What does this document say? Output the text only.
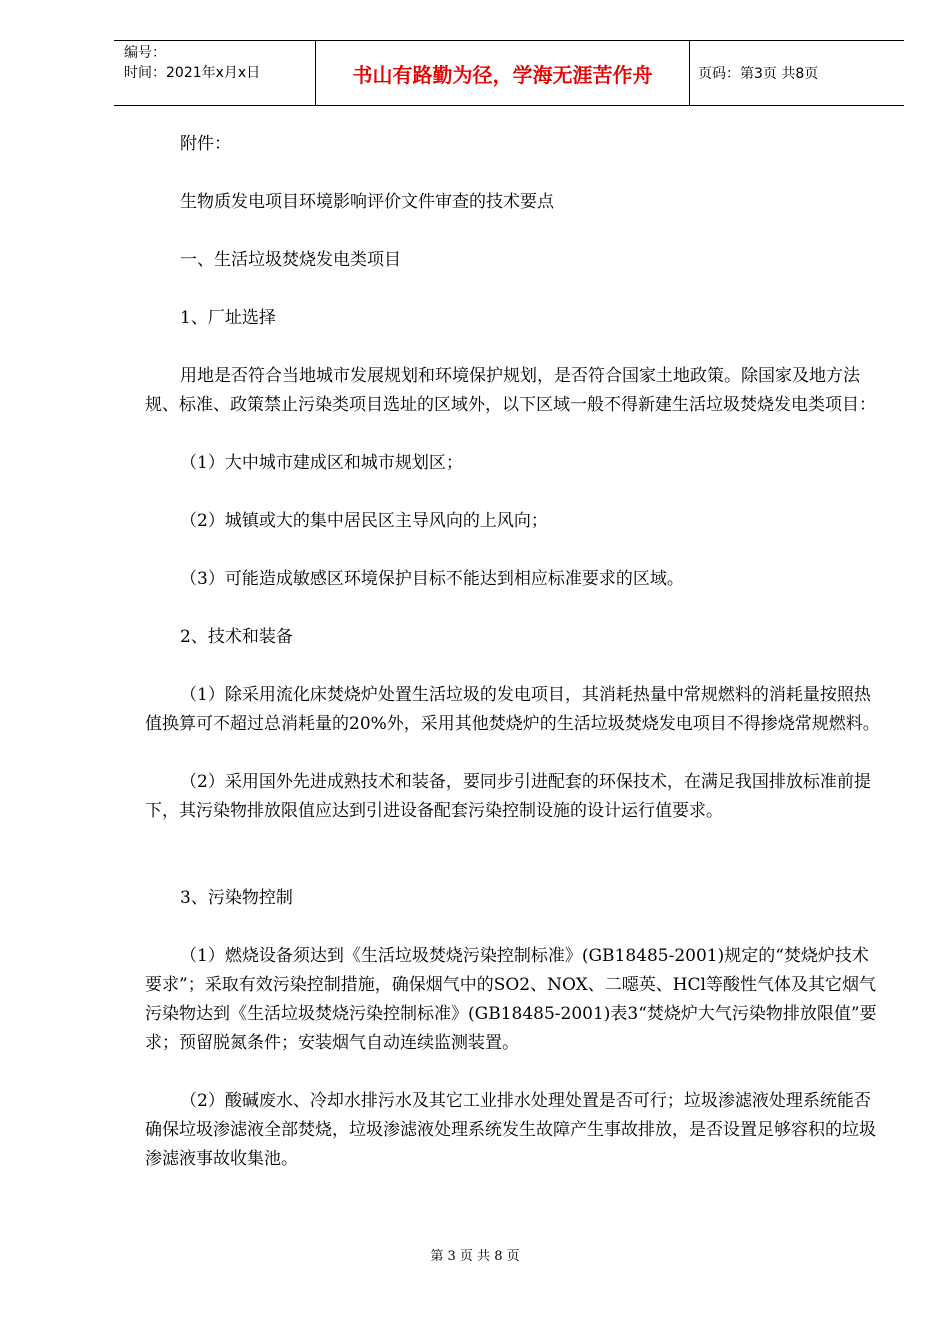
编号：
时间：2021年x月x日	书山有路勤为径，学海无涯苦作舟	页码：第3页 共8页

附件：

生物质发电项目环境影响评价文件审查的技术要点

一、生活垃圾焚烧发电类项目

1、厂址选择

用地是否符合当地城市发展规划和环境保护规划，是否符合国家土地政策。除国家及地方法规、标准、政策禁止污染类项目选址的区域外，以下区域一般不得新建生活垃圾焚烧发电类项目：

（1）大中城市建成区和城市规划区；

（2）城镇或大的集中居民区主导风向的上风向；

（3）可能造成敏感区环境保护目标不能达到相应标准要求的区域。

2、技术和装备

（1）除采用流化床焚烧炉处置生活垃圾的发电项目，其消耗热量中常规燃料的消耗量按照热值换算可不超过总消耗量的20%外，采用其他焚烧炉的生活垃圾焚烧发电项目不得掺烧常规燃料。

（2）采用国外先进成熟技术和装备，要同步引进配套的环保技术，在满足我国排放标准前提下，其污染物排放限值应达到引进设备配套污染控制设施的设计运行值要求。

3、污染物控制

（1）燃烧设备须达到《生活垃圾焚烧污染控制标准》(GB18485-2001)规定的“焚烧炉技术要求”；采取有效污染控制措施，确保烟气中的SO2、NOX、二噁英、HCl等酸性气体及其它烟气污染物达到《生活垃圾焚烧污染控制标准》(GB18485-2001)表3“焚烧炉大气污染物排放限值”要求；预留脱氮条件；安装烟气自动连续监测装置。

（2）酸碱废水、冷却水排污水及其它工业排水处理处置是否可行；垃圾渗滤液处理系统能否确保垃圾渗滤液全部焚烧，垃圾渗滤液处理系统发生故障产生事故排放，是否设置足够容积的垃圾渗滤液事故收集池。

第 3 页 共 8 页
